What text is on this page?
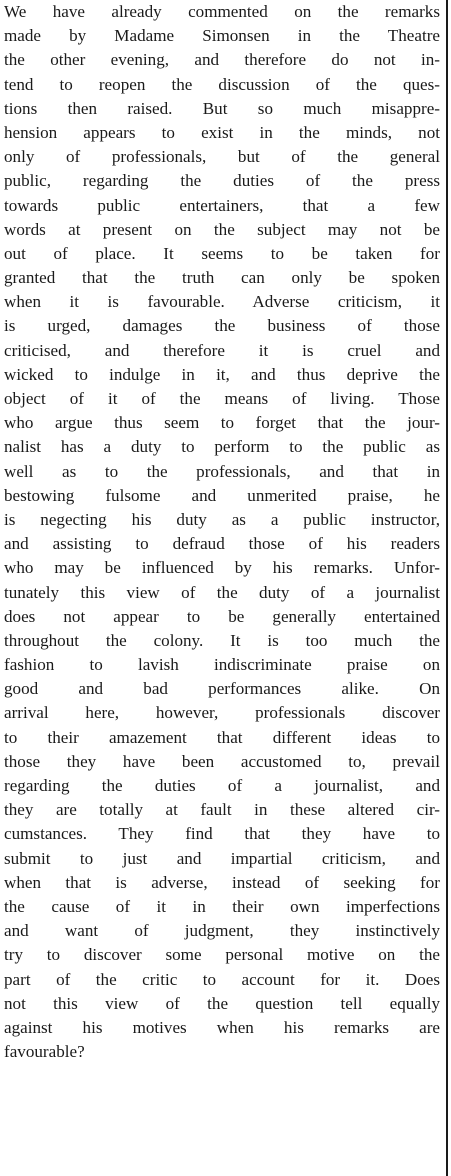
We have already commented on the remarks
made by Madame Simonsen in the Theatre
the other evening, and therefore do not in-
tend to reopen the discussion of the ques-
tions then raised. But so much misappre-
hension appears to exist in the minds, not
only of professionals, but of the general
public, regarding the duties of the press
towards public entertainers, that a few
words at present on the subject may not be
out of place. It seems to be taken for
granted that the truth can only be spoken
when it is favourable. Adverse criticism, it
is urged, damages the business of those
criticised, and therefore it is cruel and
wicked to indulge in it, and thus deprive the
object of it of the means of living. Those
who argue thus seem to forget that the jour-
nalist has a duty to perform to the public as
well as to the professionals, and that in
bestowing fulsome and unmerited praise, he
is negecting his duty as a public instructor,
and assisting to defraud those of his readers
who may be influenced by his remarks. Unfor-
tunately this view of the duty of a journalist
does not appear to be generally entertained
throughout the colony. It is too much the
fashion to lavish indiscriminate praise on
good and bad performances alike. On
arrival here, however, professionals discover
to their amazement that different ideas to
those they have been accustomed to, prevail
regarding the duties of a journalist, and
they are totally at fault in these altered cir-
cumstances. They find that they have to
submit to just and impartial criticism, and
when that is adverse, instead of seeking for
the cause of it in their own imperfections
and want of judgment, they instinctively
try to discover some personal motive on the
part of the critic to account for it. Does
not this view of the question tell equally
against his motives when his remarks are
favourable?
